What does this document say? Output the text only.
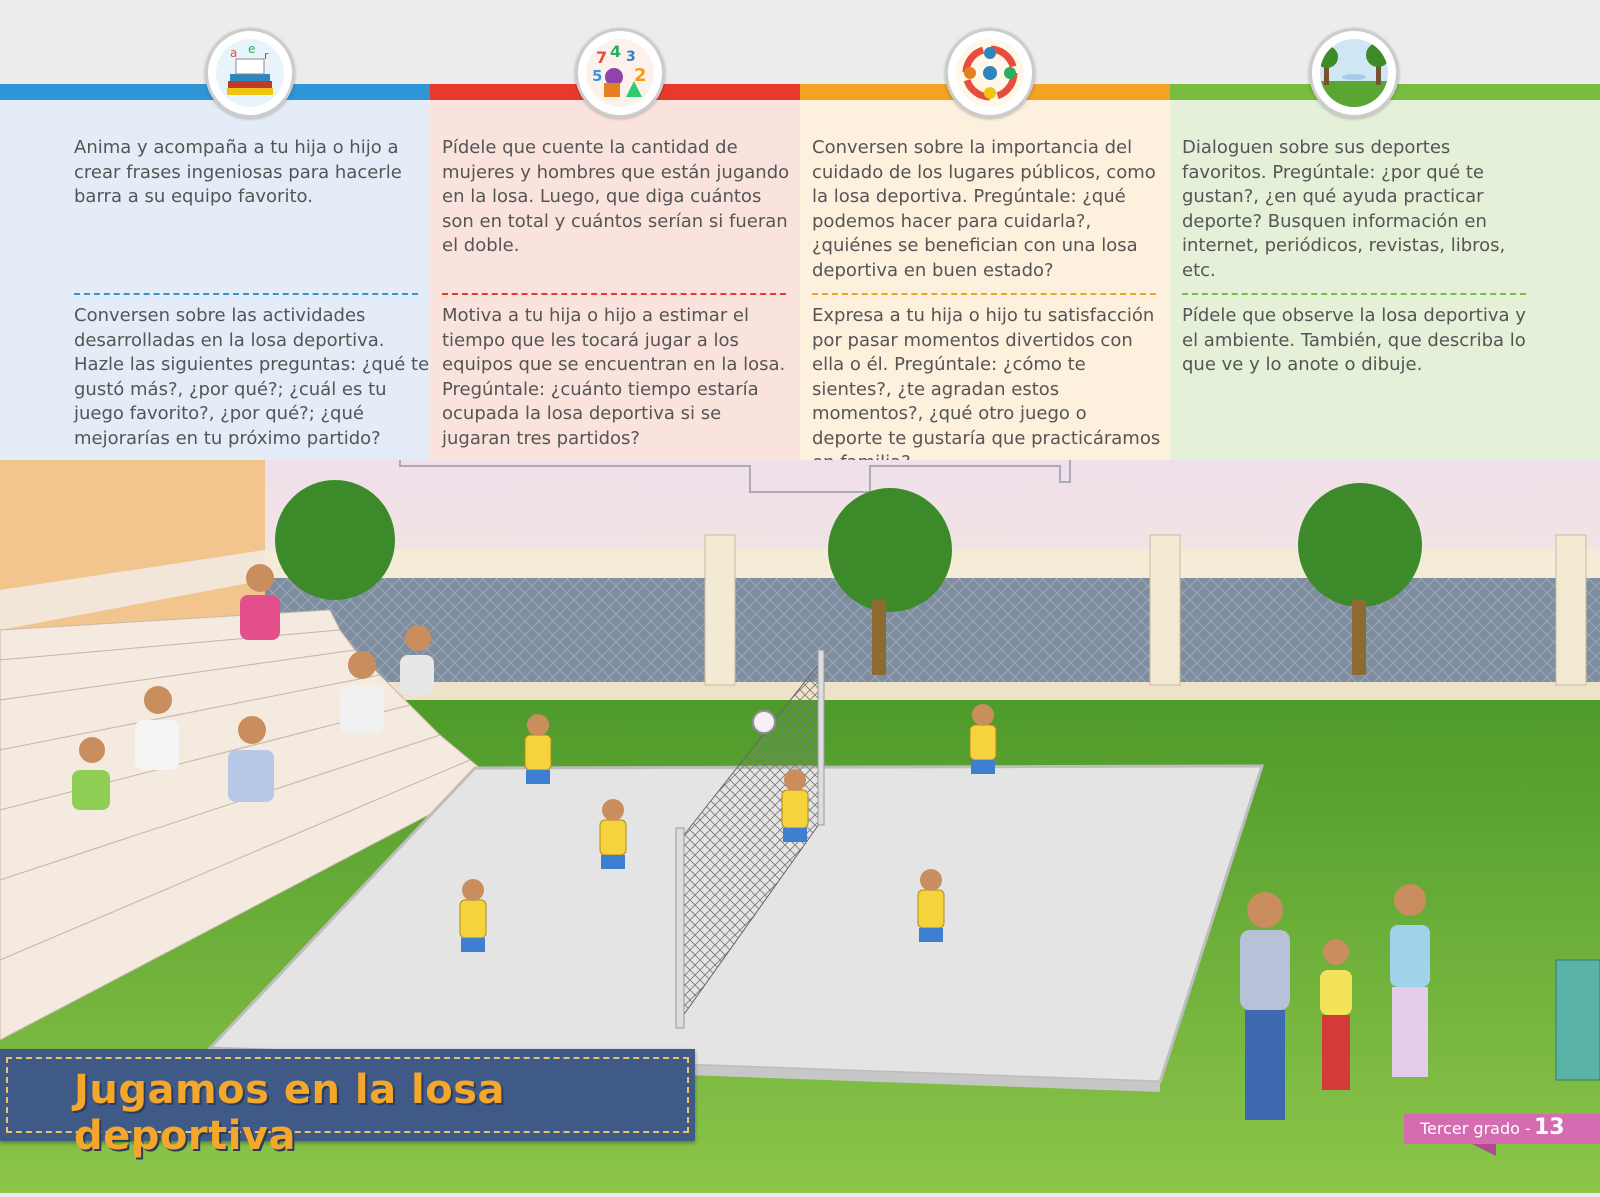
Anima y acompaña a tu hija o hijo a crear frases ingeniosas para hacerle barra a su equipo favorito.
Conversen sobre las actividades desarrolladas en la losa deportiva. Hazle las siguientes preguntas: ¿qué te gustó más?, ¿por qué?; ¿cuál es tu juego favorito?, ¿por qué?; ¿qué mejorarías en tu próximo partido?
Pídele que cuente la cantidad de mujeres y hombres que están jugando en la losa. Luego, que diga cuántos son en total y cuántos serían si fueran el doble.
Motiva a tu hija o hijo a estimar el tiempo que les tocará jugar a los equipos que se encuentran en la losa. Pregúntale: ¿cuánto tiempo estaría ocupada la losa deportiva si se jugaran tres partidos?
Conversen sobre la importancia del cuidado de los lugares públicos, como la losa deportiva. Pregúntale: ¿qué podemos hacer para cuidarla?, ¿quiénes se benefician con una losa deportiva en buen estado?
Expresa a tu hija o hijo tu satisfacción por pasar momentos divertidos con ella o él. Pregúntale: ¿cómo te sientes?, ¿te agradan estos momentos?, ¿qué otro juego o deporte te gustaría que practicáramos
Dialoguen sobre sus deportes favoritos. Pregúntale: ¿por qué te gustan?, ¿en qué ayuda practicar deporte? Busquen información en internet, periódicos, revistas, libros, etc.
Pídele que observe la losa deportiva y el ambiente. También, que describa lo que ve y lo anote o dibuje.
a e r	7 4 3
2
5
Jugamos en la losa deportiva	Tercer grado - 13
